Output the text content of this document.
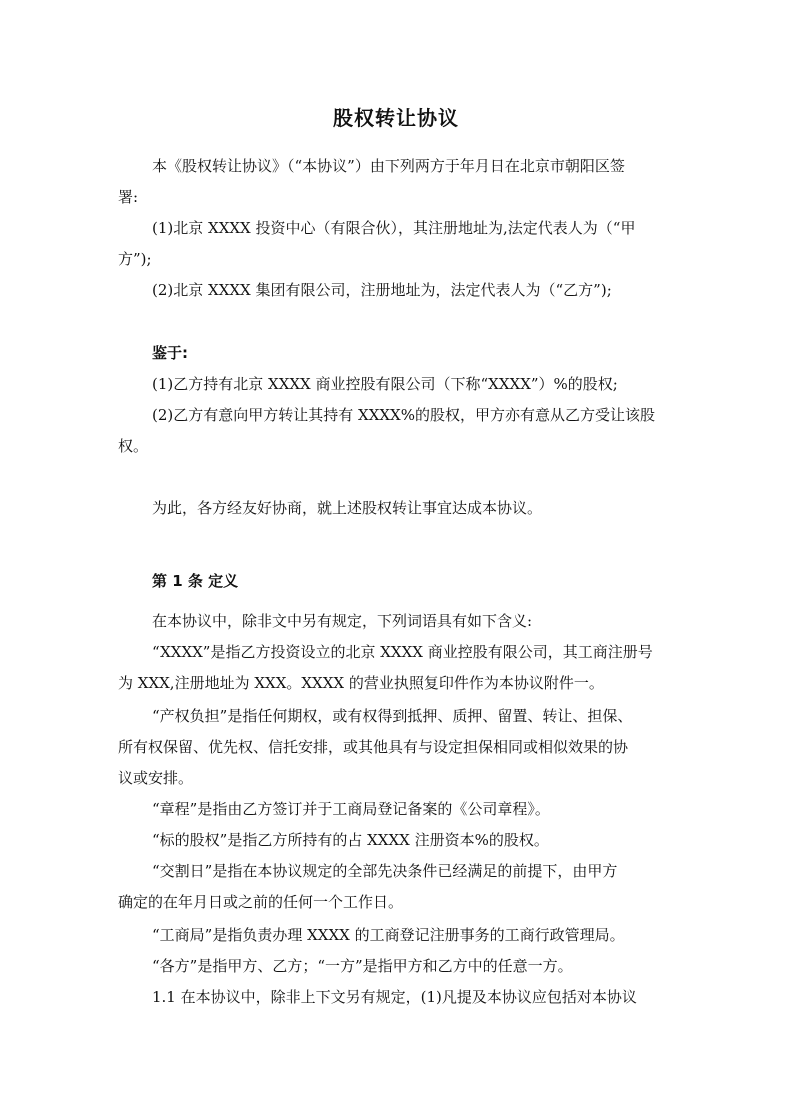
股权转让协议

本《股权转让协议》（“本协议”）由下列两方于年月日在北京市朝阳区签

署:

(1)北京 XXXX 投资中心（有限合伙），其注册地址为,法定代表人为（“甲

方”);

(2)北京 XXXX 集团有限公司，注册地址为，法定代表人为（“乙方”);

鉴于:

(1)乙方持有北京 XXXX 商业控股有限公司（下称“XXXX”）%的股权;

(2)乙方有意向甲方转让其持有 XXXX%的股权，甲方亦有意从乙方受让该股

权。

为此，各方经友好协商，就上述股权转让事宜达成本协议。

第 1 条 定义

在本协议中，除非文中另有规定，下列词语具有如下含义:

“XXXX”是指乙方投资设立的北京 XXXX 商业控股有限公司，其工商注册号

为 XXX,注册地址为 XXX。XXXX 的营业执照复印件作为本协议附件一。

“产权负担”是指任何期权，或有权得到抵押、质押、留置、转让、担保、

所有权保留、优先权、信托安排，或其他具有与设定担保相同或相似效果的协

议或安排。

“章程”是指由乙方签订并于工商局登记备案的《公司章程》。

“标的股权”是指乙方所持有的占 XXXX 注册资本%的股权。

“交割日”是指在本协议规定的全部先决条件已经满足的前提下，由甲方

确定的在年月日或之前的任何一个工作日。

“工商局”是指负责办理 XXXX 的工商登记注册事务的工商行政管理局。

“各方”是指甲方、乙方；“一方”是指甲方和乙方中的任意一方。

1.1 在本协议中，除非上下文另有规定，(1)凡提及本协议应包括对本协议
